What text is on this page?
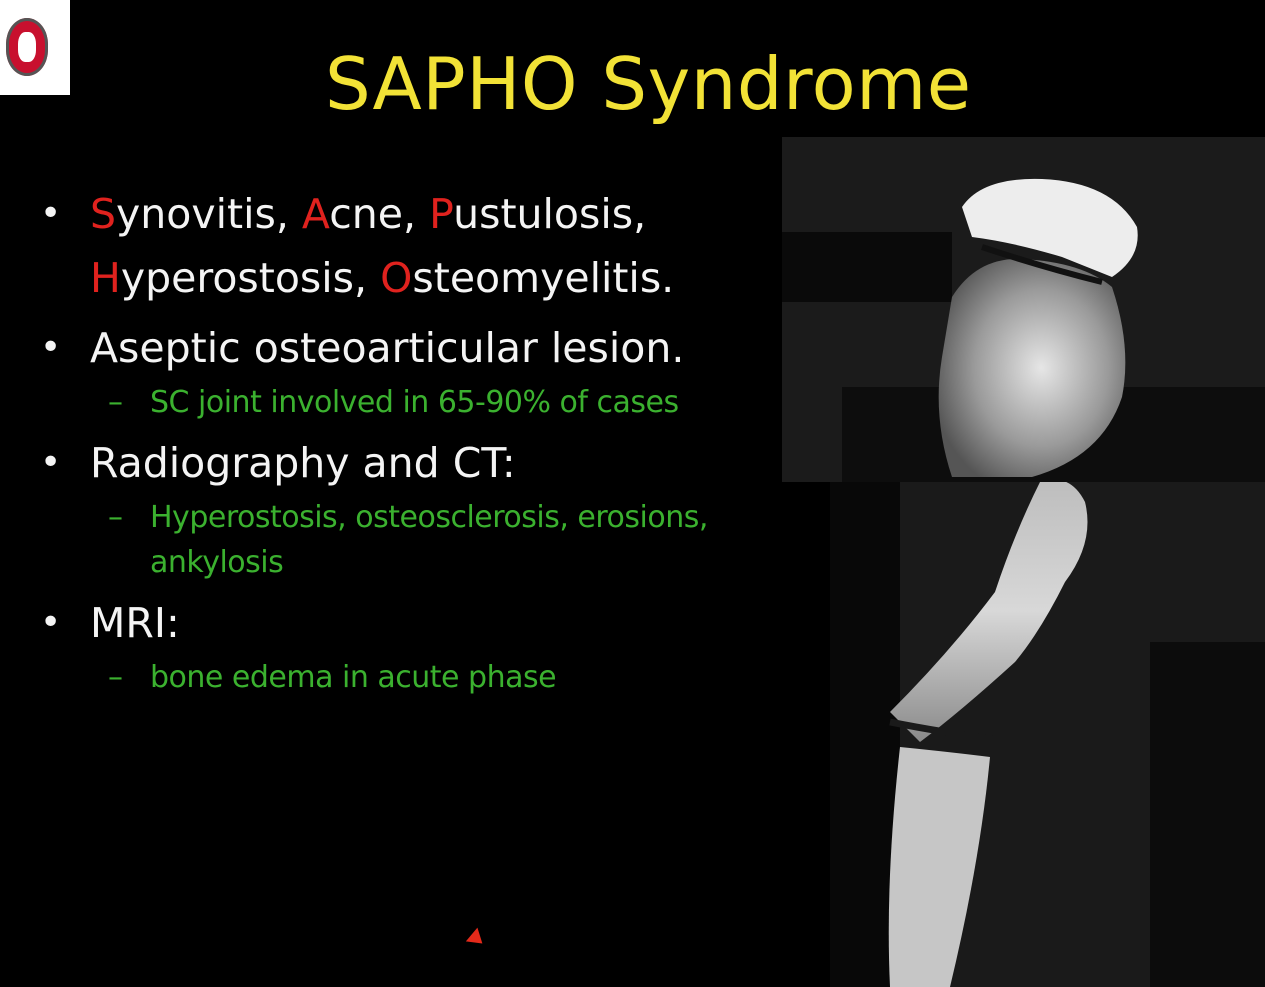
SAPHO Syndrome
• Synovitis, Acne, Pustulosis,
Hyperostosis, Osteomyelitis.
• Aseptic osteoarticular lesion.
– SC joint involved in 65-90% of cases
• Radiography and CT:
– Hyperostosis, osteosclerosis, erosions,
ankylosis
• MRI:
– bone edema in acute phase
